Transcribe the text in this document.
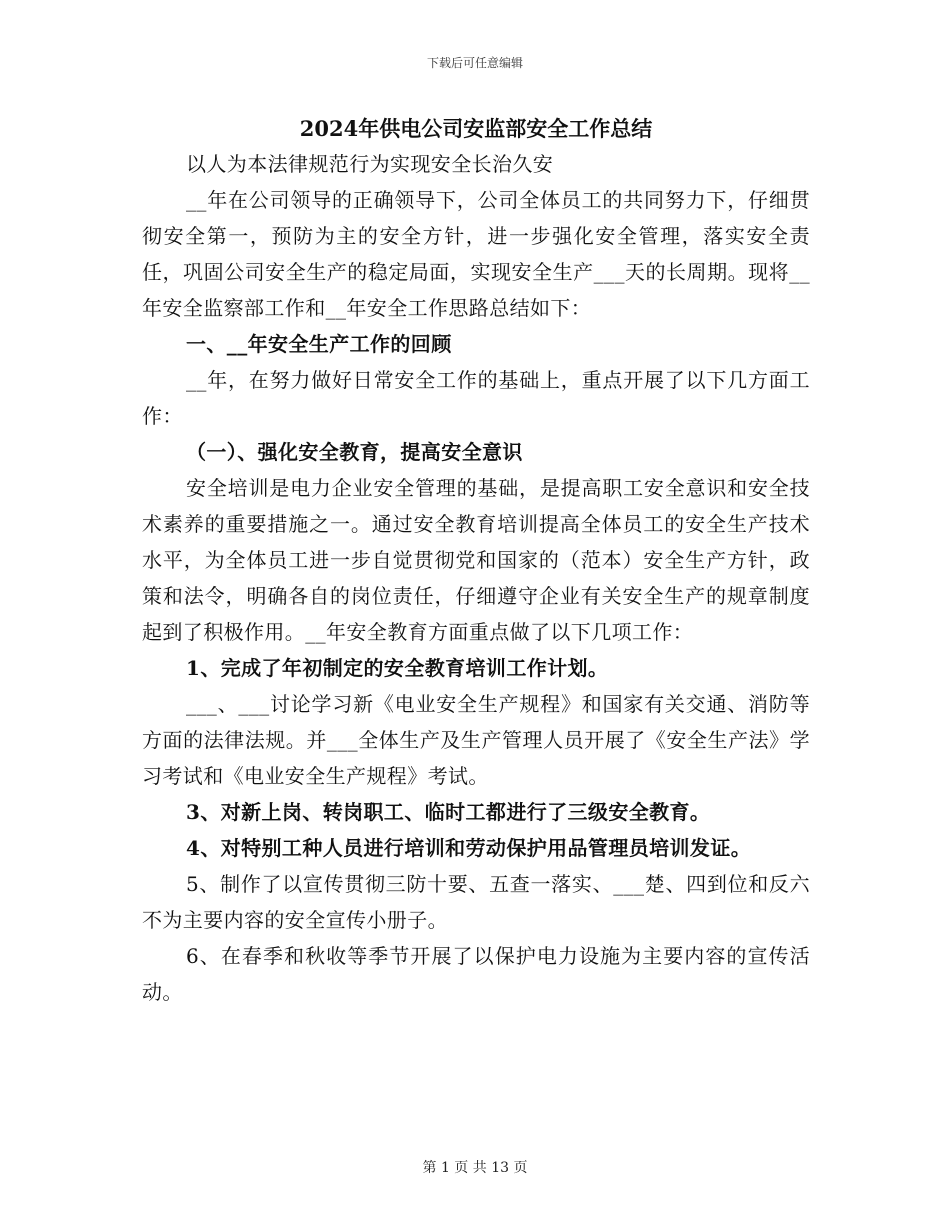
下载后可任意编辑
2024年供电公司安监部安全工作总结

以人为本法律规范行为实现安全长治久安

__年在公司领导的正确领导下，公司全体员工的共同努力下，仔细贯彻安全第一，预防为主的安全方针，进一步强化安全管理，落实安全责任，巩固公司安全生产的稳定局面，实现安全生产___天的长周期。现将__年安全监察部工作和__年安全工作思路总结如下：

一、__年安全生产工作的回顾

__年，在努力做好日常安全工作的基础上，重点开展了以下几方面工作：

（一）、强化安全教育，提高安全意识

安全培训是电力企业安全管理的基础，是提高职工安全意识和安全技术素养的重要措施之一。通过安全教育培训提高全体员工的安全生产技术水平，为全体员工进一步自觉贯彻党和国家的（范本）安全生产方针，政策和法令，明确各自的岗位责任，仔细遵守企业有关安全生产的规章制度起到了积极作用。__年安全教育方面重点做了以下几项工作：

1、完成了年初制定的安全教育培训工作计划。

___、___讨论学习新《电业安全生产规程》和国家有关交通、消防等方面的法律法规。并___全体生产及生产管理人员开展了《安全生产法》学习考试和《电业安全生产规程》考试。

3、对新上岗、转岗职工、临时工都进行了三级安全教育。

4、对特别工种人员进行培训和劳动保护用品管理员培训发证。

5、制作了以宣传贯彻三防十要、五查一落实、___楚、四到位和反六不为主要内容的安全宣传小册子。

6、在春季和秋收等季节开展了以保护电力设施为主要内容的宣传活动。

第 1 页 共 13 页
